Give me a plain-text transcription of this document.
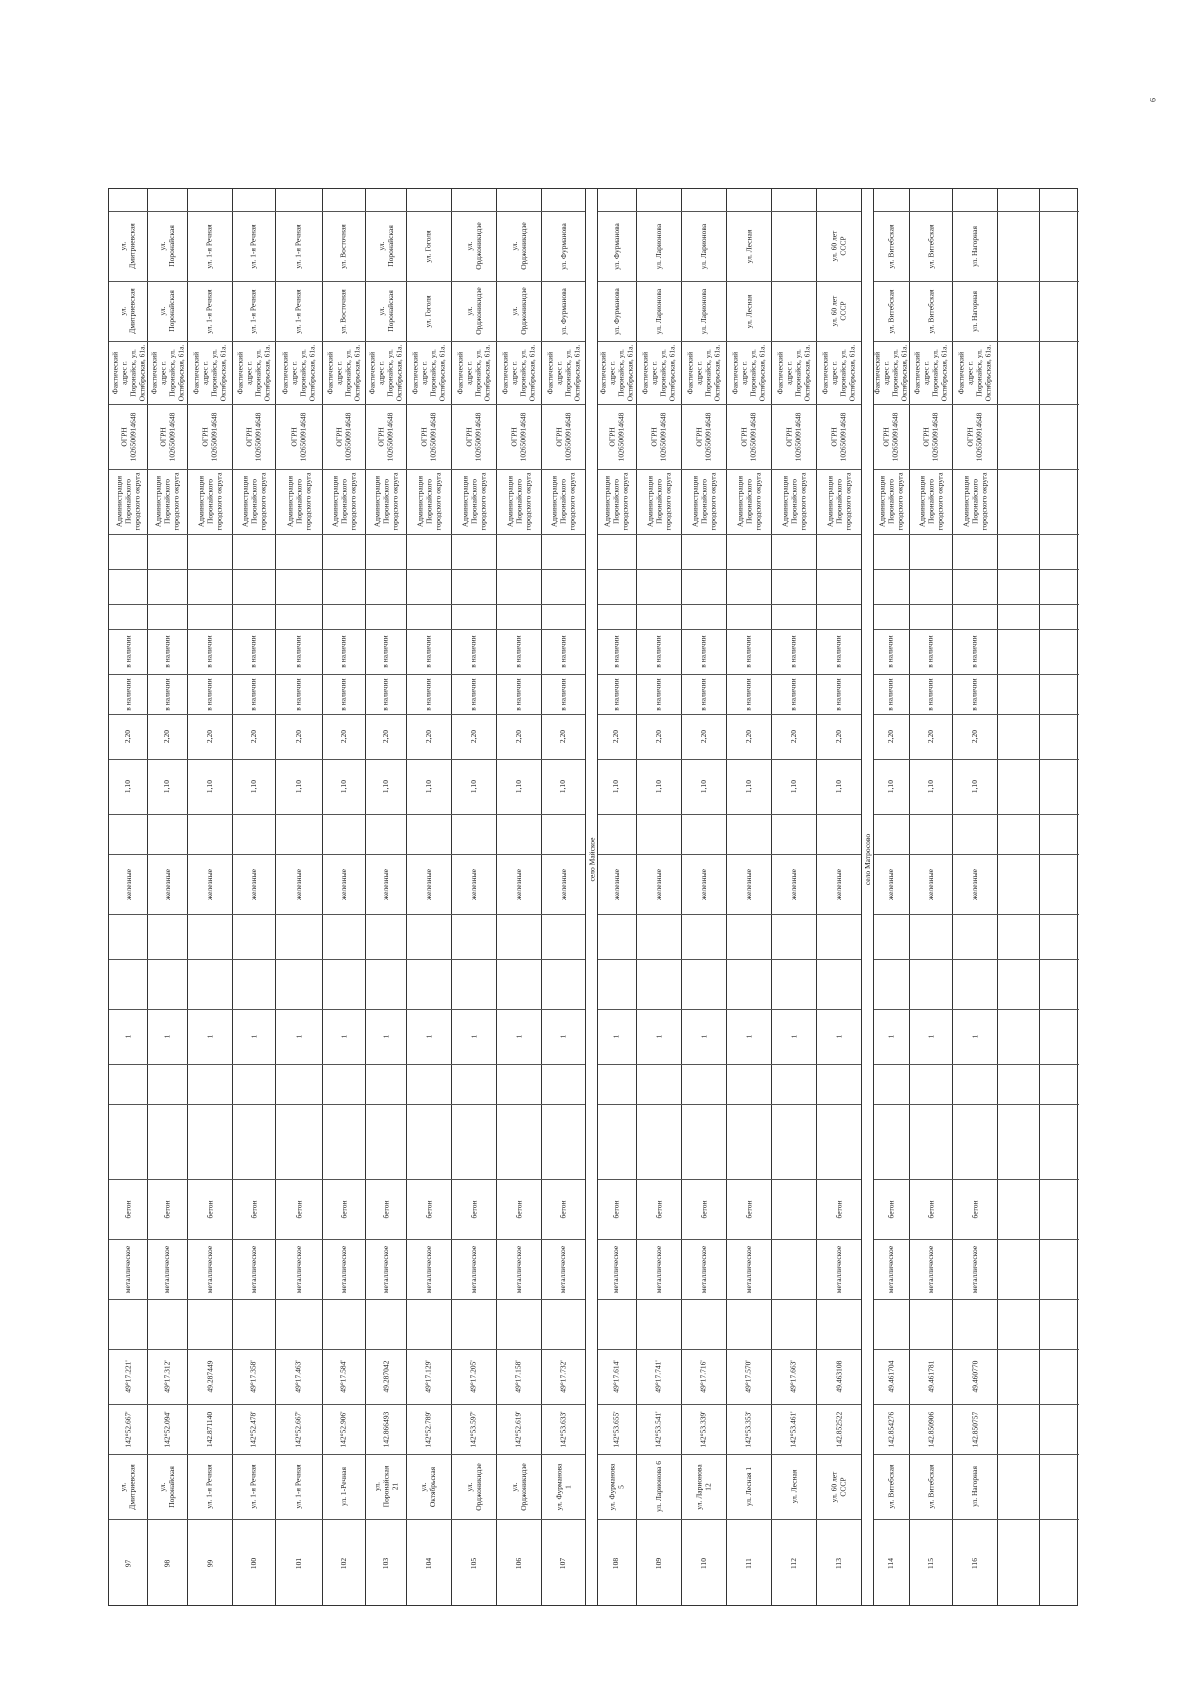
9
село Майское	село Матросово
ул.
Дмитриевская
ул.
Дмитриевская
Фактический
адрес г.
Поронайск, ул.
Октябрьская, 61а.
ОГРН
1026500914648
Администрация
Поронайского
городского округа
в наличии
в наличии
2,20
1,10
железные
1
бетон
металлическое
49°17.221'
142°52.667'
ул.
Дмитриевская
97
ул.
Поронайская
ул.
Поронайская
Фактический
адрес г.
Поронайск, ул.
Октябрьская, 61а.
ОГРН
1026500914648
Администрация
Поронайского
городского округа
в наличии
в наличии
2,20
1,10
железные
1
бетон
металлическое
49°17.312'
142°52.094'
ул.
Поронайская
98
ул. 1-я Речная
ул. 1-я Речная
Фактический
адрес г.
Поронайск, ул.
Октябрьская, 61а.
ОГРН
1026500914648
Администрация
Поронайского
городского округа
в наличии
в наличии
2,20
1,10
железные
1
бетон
металлическое
49.287449
142.871140
ул. 1-я Речная
99
ул. 1-я Речная
ул. 1-я Речная
Фактический
адрес г.
Поронайск, ул.
Октябрьская, 61а.
ОГРН
1026500914648
Администрация
Поронайского
городского округа
в наличии
в наличии
2,20
1,10
железные
1
бетон
металлическое
49°17.358'
142°52.478'
ул. 1-я Речная
100
ул. 1-я Речная
ул. 1-я Речная
Фактический
адрес г.
Поронайск, ул.
Октябрьская, 61а.
ОГРН
1026500914648
Администрация
Поронайского
городского округа
в наличии
в наличии
2,20
1,10
железные
1
бетон
металлическое
49°17.463'
142°52.667'
ул. 1-я Речная
101
ул. Восточная
ул. Восточная
Фактический
адрес г.
Поронайск, ул.
Октябрьская, 61а.
ОГРН
1026500914648
Администрация
Поронайского
городского округа
в наличии
в наличии
2,20
1,10
железные
1
бетон
металлическое
49°17.584'
142°52.906'
ул. 1-Речная
102
ул.
Поронайская
ул.
Поронайская
Фактический
адрес г.
Поронайск, ул.
Октябрьская, 61а.
ОГРН
1026500914648
Администрация
Поронайского
городского округа
в наличии
в наличии
2,20
1,10
железные
1
бетон
металлическое
49.287042
142.866493
ул.
Поронайская
21
103
ул. Гоголя
ул. Гоголя
Фактический
адрес г.
Поронайск, ул.
Октябрьская, 61а.
ОГРН
1026500914648
Администрация
Поронайского
городского округа
в наличии
в наличии
2,20
1,10
железные
1
бетон
металлическое
49°17.129'
142°52.789'
ул.
Октябрьская
104
ул.
Орджоникидзе
ул.
Орджоникидзе
Фактический
адрес г.
Поронайск, ул.
Октябрьская, 61а.
ОГРН
1026500914648
Администрация
Поронайского
городского округа
в наличии
в наличии
2,20
1,10
железные
1
бетон
металлическое
49°17.205'
142°53.597'
ул.
Орджоникидзе
105
ул.
Орджоникидзе
ул.
Орджоникидзе
Фактический
адрес г.
Поронайск, ул.
Октябрьская, 61а.
ОГРН
1026500914648
Администрация
Поронайского
городского округа
в наличии
в наличии
2,20
1,10
железные
1
бетон
металлическое
49°17.158'
142°52.619'
ул.
Орджоникидзе
106
ул. Фурманова
ул. Фурманова
Фактический
адрес г.
Поронайск, ул.
Октябрьская, 61а.
ОГРН
1026500914648
Администрация
Поронайского
городского округа
в наличии
в наличии
2,20
1,10
железные
1
бетон
металлическое
49°17.732'
142°53.633'
ул. Фурманова
1
107
ул. Фурманова
ул. Фурманова
Фактический
адрес г.
Поронайск, ул.
Октябрьская, 61а.
ОГРН
1026500914648
Администрация
Поронайского
городского округа
в наличии
в наличии
2,20
1,10
железные
1
бетон
металлическое
49°17.614'
142°53.655'
ул. Фурманова
5
108
ул. Ларионова
ул. Ларионова
Фактический
адрес г.
Поронайск, ул.
Октябрьская, 61а.
ОГРН
1026500914648
Администрация
Поронайского
городского округа
в наличии
в наличии
2,20
1,10
железные
1
бетон
металлическое
49°17.741'
142°53.541'
ул. Ларионова 6
109
ул. Ларионова
ул. Ларионова
Фактический
адрес г.
Поронайск, ул.
Октябрьская, 61а.
ОГРН
1026500914648
Администрация
Поронайского
городского округа
в наличии
в наличии
2,20
1,10
железные
1
бетон
металлическое
49°17.716'
142°53.339'
ул. Ларионова
12
110
ул. Лесная
ул. Лесная
Фактический
адрес г.
Поронайск, ул.
Октябрьская, 61а.
ОГРН
1026500914648
Администрация
Поронайского
городского округа
в наличии
в наличии
2,20
1,10
железные
1
бетон
металлическое
49°17.570'
142°53.353'
ул. Лесная 1
111
Фактический
адрес г.
Поронайск, ул.
Октябрьская, 61а.
ОГРН
1026500914648
Администрация
Поронайского
городского округа
в наличии
в наличии
2,20
1,10
железные
1
49°17.663'
142°53.461'
ул. Лесная
112
ул. 60 лет
СССР
ул. 60 лет
СССР
Фактический
адрес г.
Поронайск, ул.
Октябрьская, 61а.
ОГРН
1026500914648
Администрация
Поронайского
городского округа
в наличии
в наличии
2,20
1,10
железные
1
бетон
металлическое
49.463108
142.852522
ул. 60 лет
СССР
113
ул. Витебская
ул. Витебская
Фактический
адрес г.
Поронайск, ул.
Октябрьская, 61а.
ОГРН
1026500914648
Администрация
Поронайского
городского округа
в наличии
в наличии
2,20
1,10
железные
1
бетон
металлическое
49.461704
142.854276
ул. Витебская
114
ул. Витебская
ул. Витебская
Фактический
адрес г.
Поронайск, ул.
Октябрьская, 61а.
ОГРН
1026500914648
Администрация
Поронайского
городского округа
в наличии
в наличии
2,20
1,10
железные
1
бетон
металлическое
49.461781
142.850906
ул. Витебская
115
ул. Нагорная
ул. Нагорная
Фактический
адрес г.
Поронайск, ул.
Октябрьская, 61а.
ОГРН
1026500914648
Администрация
Поронайского
городского округа
в наличии
в наличии
2,20
1,10
железные
1
бетон
металлическое
49.460770
142.850757
ул. Нагорная
116
